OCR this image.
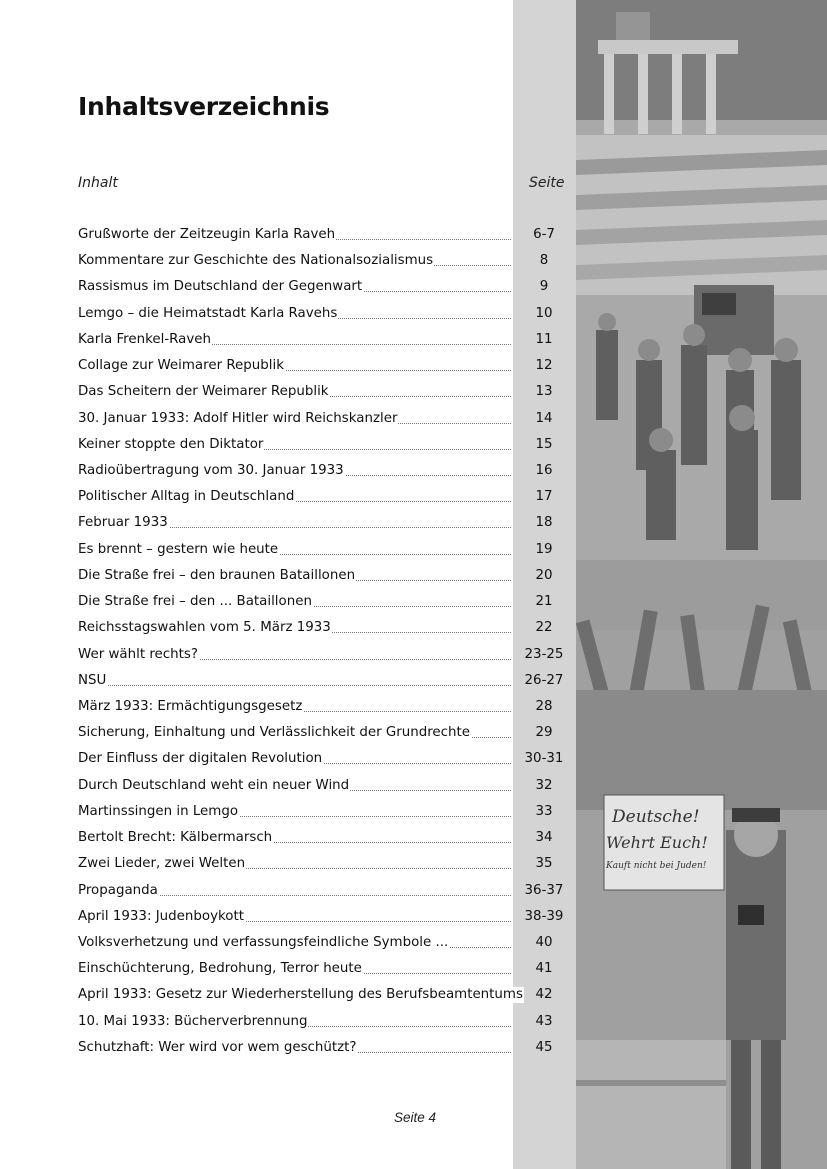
Deutsche!
Wehrt Euch!
Kauft nicht bei Juden!
Inhaltsverzeichnis
Inhalt	Seite
Grußworte der Zeitzeugin Karla Raveh	6-7
Kommentare zur Geschichte des Nationalsozialismus	8
Rassismus im Deutschland der Gegenwart	9
Lemgo – die Heimatstadt Karla Ravehs	10
Karla Frenkel-Raveh	11
Collage zur Weimarer Republik	12
Das Scheitern der Weimarer Republik	13
30. Januar 1933: Adolf Hitler wird Reichskanzler	14
Keiner stoppte den Diktator	15
Radioübertragung vom 30. Januar 1933	16
Politischer Alltag in Deutschland	17
Februar 1933	18
Es brennt – gestern wie heute	19
Die Straße frei – den braunen Bataillonen	20
Die Straße frei – den ... Bataillonen	21
Reichsstagswahlen vom 5. März 1933	22
Wer wählt rechts?	23-25
NSU	26-27
März 1933: Ermächtigungsgesetz	28
Sicherung, Einhaltung und Verlässlichkeit der Grundrechte	29
Der Einfluss der digitalen Revolution	30-31
Durch Deutschland weht ein neuer Wind	32
Martinssingen in Lemgo	33
Bertolt Brecht: Kälbermarsch	34
Zwei Lieder, zwei Welten	35
Propaganda	36-37
April 1933: Judenboykott	38-39
Volksverhetzung und verfassungsfeindliche Symbole ...	40
Einschüchterung, Bedrohung, Terror heute	41
April 1933: Gesetz zur Wiederherstellung des Berufsbeamtentums 42
10. Mai 1933: Bücherverbrennung	43
Schutzhaft: Wer wird vor wem geschützt?	45
Seite 4
